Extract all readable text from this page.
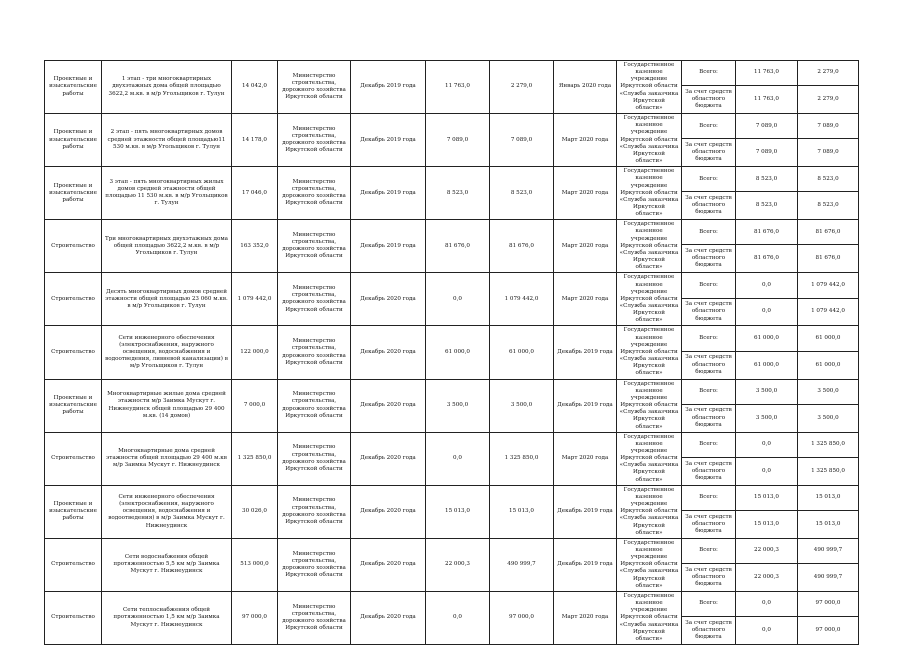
Проектные и изыскательские работы	1 этап - три многоквартирных двухэтажных дома общей площадью 3622,2 м.кв. в м/р Угольщиков г. Тулун	14 042,0	Министерство строительства, дорожного хозяйства Иркутской области	Декабрь 2019 года	11 763,0	2 279,0	Январь 2020 года	Государственное казенное учреждение Иркутской области «Служба заказчика Иркутской области»	Всего:	11 763,0	2 279,0
									За счет средств областного бюджета	11 763,0	2 279,0
Проектные и изыскательские работы	2 этап - пять многоквартирных домов средней этажности общей площадью11 530 м.кв. в м/р Угольщиков г. Тулун	14 178,0	Министерство строительства, дорожного хозяйства Иркутской области	Декабрь 2019 года	7 089,0	7 089,0	Март 2020 года	Государственное казенное учреждение Иркутской области «Служба заказчика Иркутской области»	Всего:	7 089,0	7 089,0
									За счет средств областного бюджета	7 089,0	7 089,0
Проектные и изыскательские работы	3 этап - пять многоквартирных жилых домов средней этажности общей площадью 11 530 м.кв. в м/р Угольщиков г. Тулун	17 046,0	Министерство строительства, дорожного хозяйства Иркутской области	Декабрь 2019 года	8 523,0	8 523,0	Март 2020 года	Государственное казенное учреждение Иркутской области «Служба заказчика Иркутской области»	Всего:	8 523,0	8 523,0
									За счет средств областного бюджета	8 523,0	8 523,0
Строительство	Три многоквартирных двухэтажных дома общей площадью 3622,2 м.кв. в м/р Угольщиков г. Тулун	163 352,0	Министерство строительства, дорожного хозяйства Иркутской области	Декабрь 2019 года	81 676,0	81 676,0	Март 2020 года	Государственное казенное учреждение Иркутской области «Служба заказчика Иркутской области»	Всего:	81 676,0	81 676,0
									За счет средств областного бюджета	81 676,0	81 676,0
Строительство	Десять многоквартирных домов средней этажности общей площадью 23 060 м.кв. в м/р Угольщиков г. Тулун	1 079 442,0	Министерство строительства, дорожного хозяйства Иркутской области	Декабрь 2020 года	0,0	1 079 442,0	Март 2020 года	Государственное казенное учреждение Иркутской области «Служба заказчика Иркутской области»	Всего:	0,0	1 079 442,0
									За счет средств областного бюджета	0,0	1 079 442,0
Строительство	Сети инженерного обеспечения (электроснабжения, наружного освещения, водоснабжения и водоотведения, ливневой канализации) в м/р Угольщиков г. Тулун	122 000,0	Министерство строительства, дорожного хозяйства Иркутской области	Декабрь 2020 года	61 000,0	61 000,0	Декабрь 2019 года	Государственное казенное учреждение Иркутской области «Служба заказчика Иркутской области»	Всего:	61 000,0	61 000,0
									За счет средств областного бюджета	61 000,0	61 000,0
Проектные и изыскательские работы	Многоквартирные жилые дома средней этажности м/р Заимка Мускут г. Нижнеудинск общей площадью 29 400 м.кв. (14 домов)	7 000,0	Министерство строительства, дорожного хозяйства Иркутской области	Декабрь 2020 года	3 500,0	3 500,0	Декабрь 2019 года	Государственное казенное учреждение Иркутской области «Служба заказчика Иркутской области»	Всего:	3 500,0	3 500,0
									За счет средств областного бюджета	3 500,0	3 500,0
Строительство	Многоквартирные дома средней этажности общей площадью 29 400 м.кв м/р Заимка Мускут г. Нижнеудинск	1 325 850,0	Министерство строительства, дорожного хозяйства Иркутской области	Декабрь 2020 года	0,0	1 325 850,0	Март 2020 года	Государственное казенное учреждение Иркутской области «Служба заказчика Иркутской области»	Всего:	0,0	1 325 850,0
									За счет средств областного бюджета	0,0	1 325 850,0
Проектные и изыскательские работы	Сети инженерного обеспечения (электроснабжения, наружного освещения, водоснабжения и водоотведения) в м/р Заимка Мускут г. Нижнеудинск	30 026,0	Министерство строительства, дорожного хозяйства Иркутской области	Декабрь 2020 года	15 013,0	15 013,0	Декабрь 2019 года	Государственное казенное учреждение Иркутской области «Служба заказчика Иркутской области»	Всего:	15 013,0	15 013,0
									За счет средств областного бюджета	15 013,0	15 013,0
Строительство	Сети водоснабжения общей протяженностью 5,5 км м/р Заимка Мускут г. Нижнеудинск	513 000,0	Министерство строительства, дорожного хозяйства Иркутской области	Декабрь 2020 года	22 000,3	490 999,7	Декабрь 2019 года	Государственное казенное учреждение Иркутской области «Служба заказчика Иркутской области»	Всего:	22 000,3	490 999,7
									За счет средств областного бюджета	22 000,3	490 999,7
Строительство	Сети теплоснабжения общей протяженностью 1,5 км м/р Заимка Мускут г. Нижнеудинск	97 000,0	Министерство строительства, дорожного хозяйства Иркутской области	Декабрь 2020 года	0,0	97 000,0	Март 2020 года	Государственное казенное учреждение Иркутской области «Служба заказчика Иркутской области»	Всего:	0,0	97 000,0
									За счет средств областного бюджета	0,0	97 000,0
